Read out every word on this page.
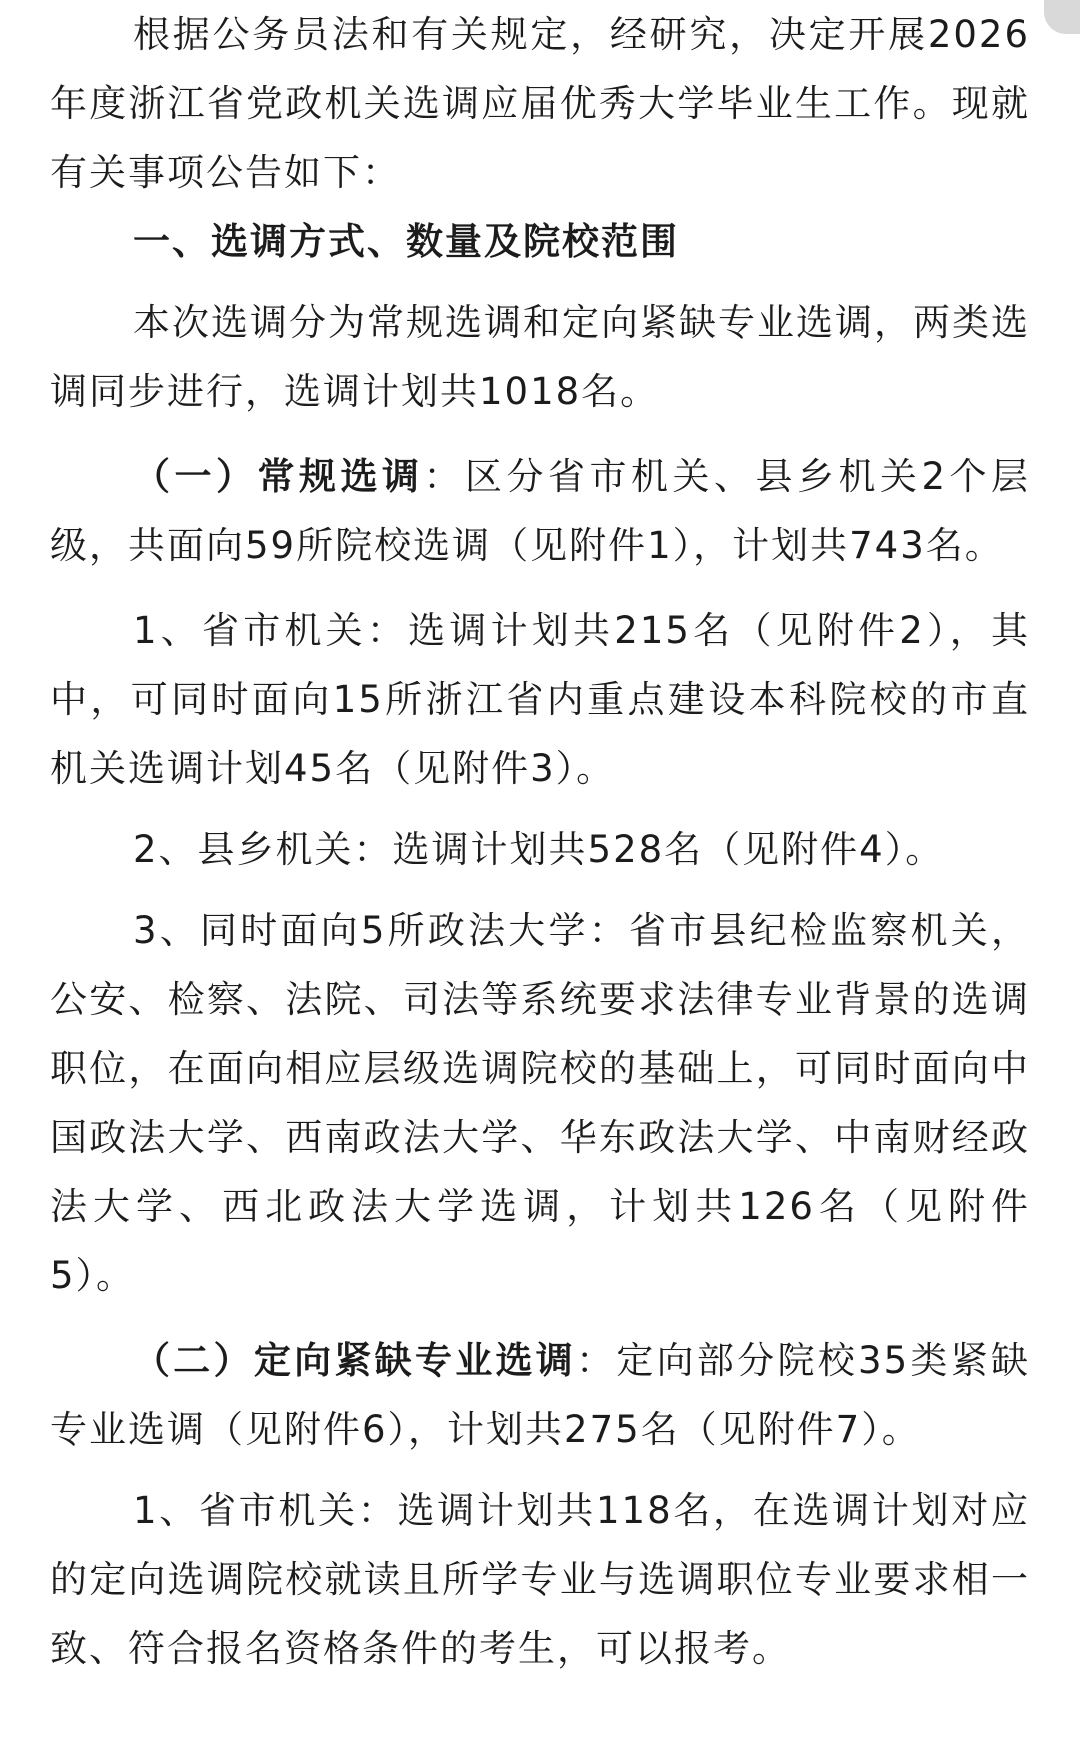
根据公务员法和有关规定，经研究，决定开展2026年度浙江省党政机关选调应届优秀大学毕业生工作。现就有关事项公告如下：

一、选调方式、数量及院校范围

本次选调分为常规选调和定向紧缺专业选调，两类选调同步进行，选调计划共1018名。

（一）常规选调：区分省市机关、县乡机关2个层级，共面向59所院校选调（见附件1），计划共743名。

1、省市机关：选调计划共215名（见附件2），其中，可同时面向15所浙江省内重点建设本科院校的市直机关选调计划45名（见附件3）。

2、县乡机关：选调计划共528名（见附件4）。

3、同时面向5所政法大学：省市县纪检监察机关，公安、检察、法院、司法等系统要求法律专业背景的选调职位，在面向相应层级选调院校的基础上，可同时面向中国政法大学、西南政法大学、华东政法大学、中南财经政法大学、西北政法大学选调，计划共126名（见附件5）。

（二）定向紧缺专业选调：定向部分院校35类紧缺专业选调（见附件6），计划共275名（见附件7）。

1、省市机关：选调计划共118名，在选调计划对应的定向选调院校就读且所学专业与选调职位专业要求相一致、符合报名资格条件的考生，可以报考。
